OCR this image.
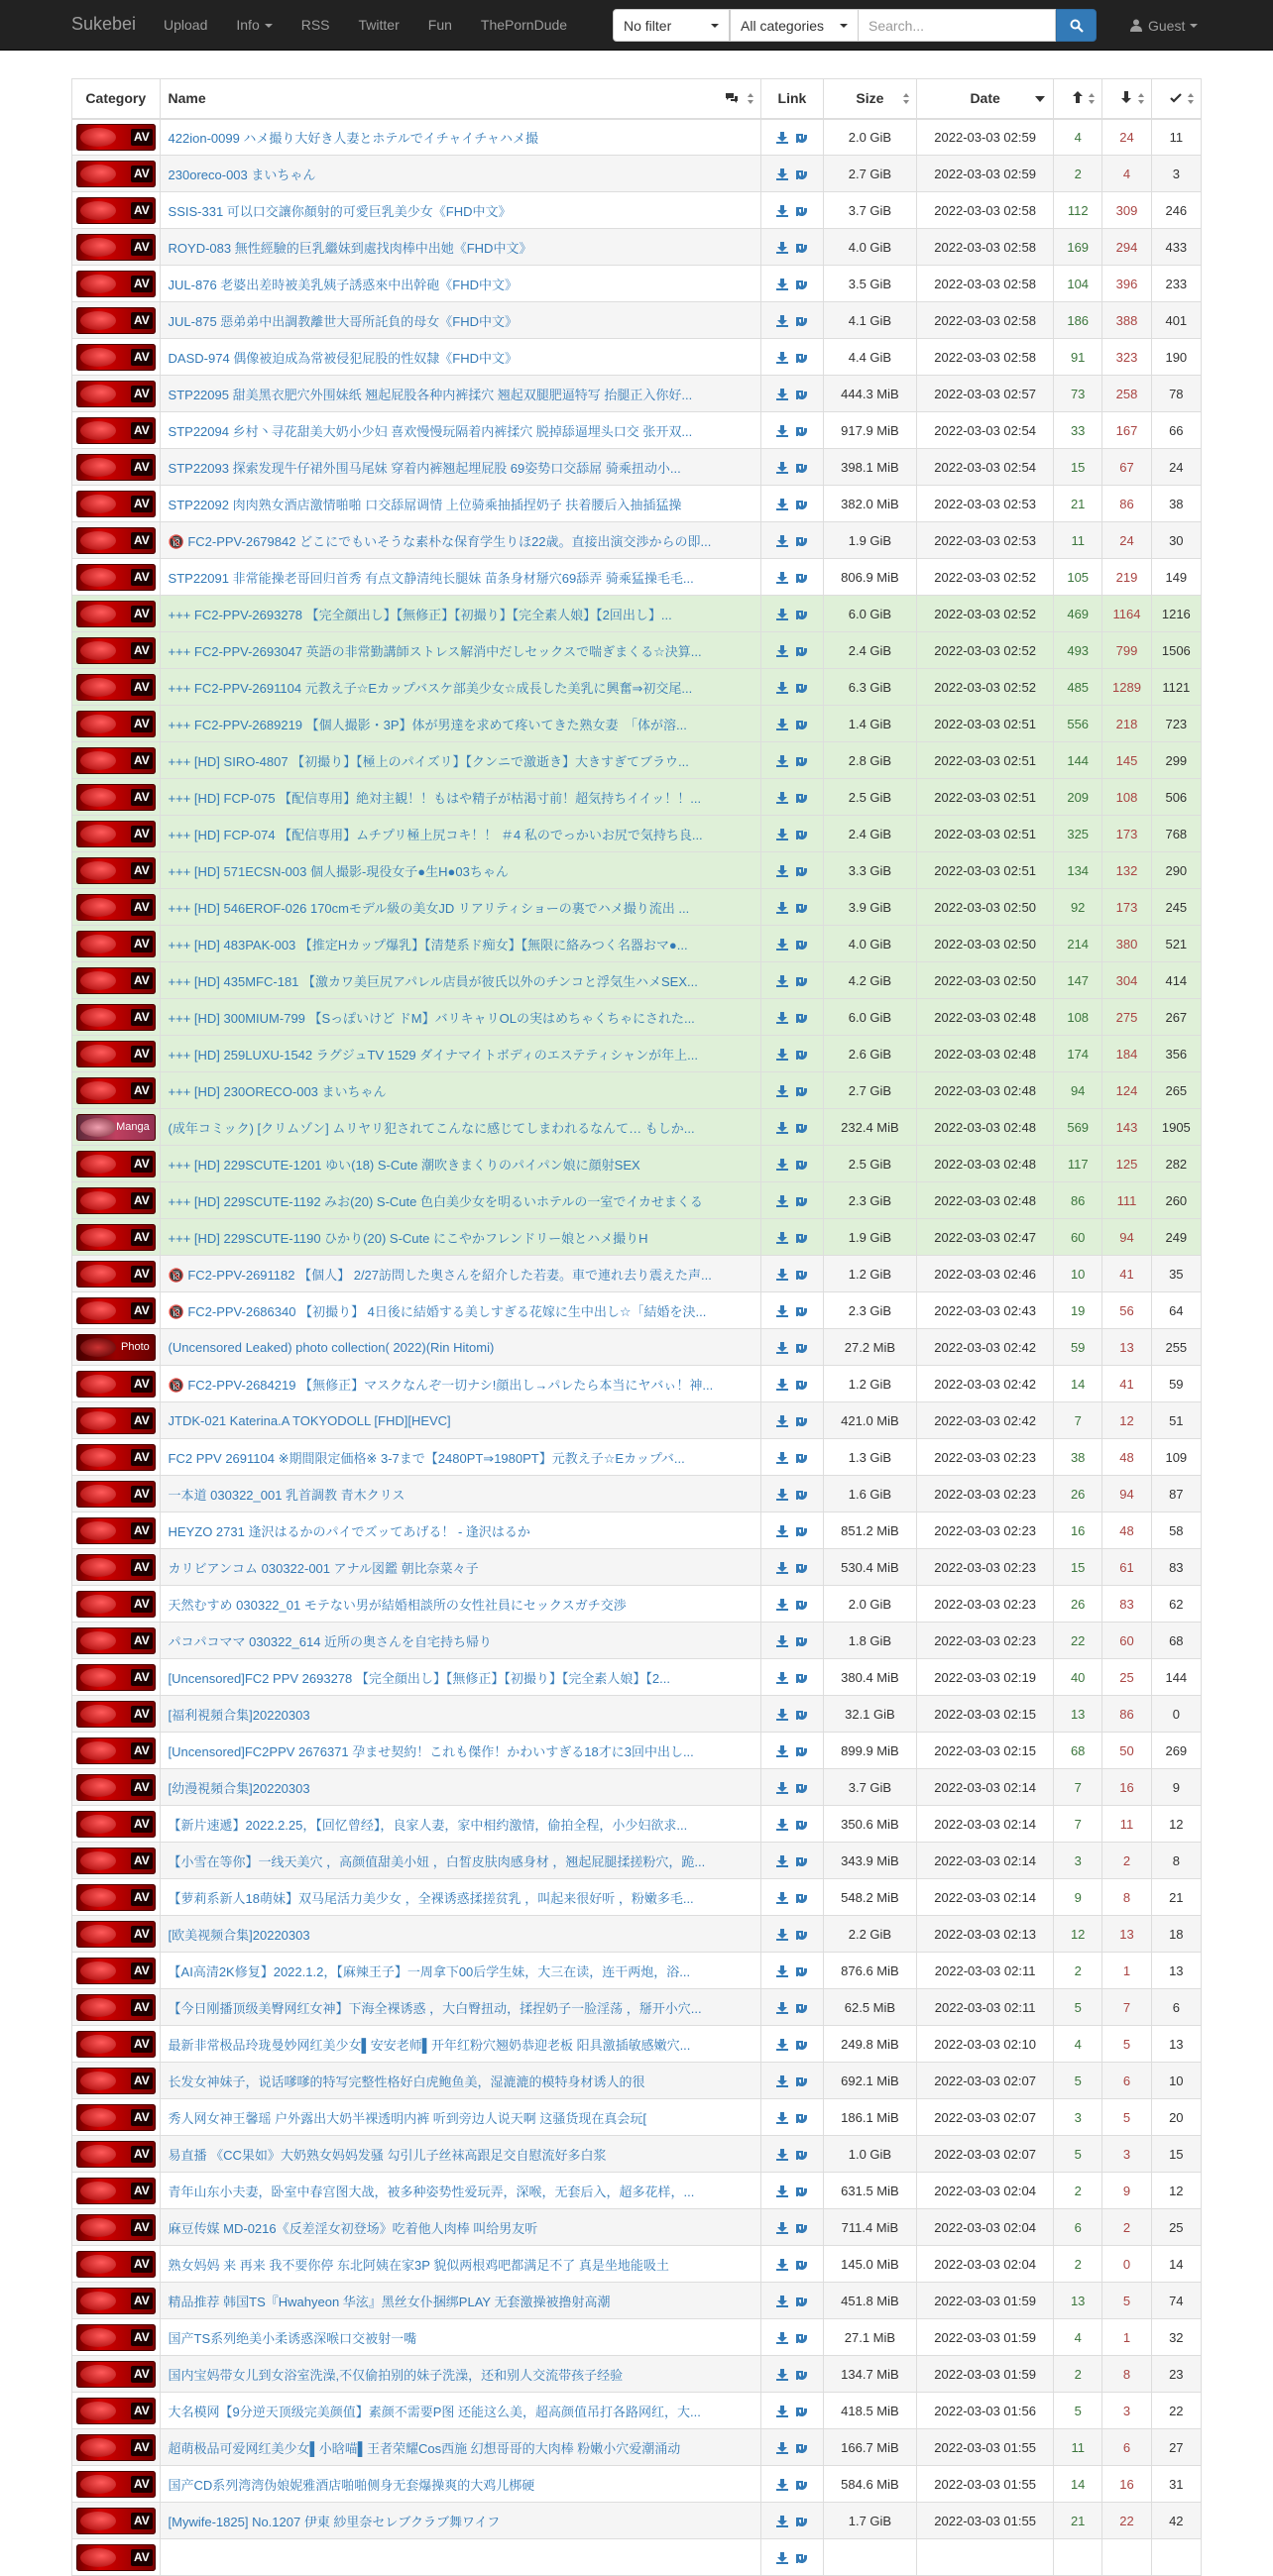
Sukebei	Upload	Info	RSS	Twitter	Fun	ThePornDude	No filter	All categories
Search...	Guest
Category	Name	Link	Size	Date

AV	422ion-0099 ハメ撮り大好き人妻とホテルでイチャイチャハメ撮		2.0 GiB	2022-03-03 02:59	4	24	11

AV	230oreco-003 まいちゃん		2.7 GiB	2022-03-03 02:59	2	4	3

AV	SSIS-331 可以口交讓你顏射的可愛巨乳美少女《FHD中文》		3.7 GiB	2022-03-03 02:58	112	309	246

AV	ROYD-083 無性經驗的巨乳繼妹到處找肉棒中出她《FHD中文》		4.0 GiB	2022-03-03 02:58	169	294	433

AV	JUL-876 老婆出差時被美乳姨子誘惑來中出幹砲《FHD中文》		3.5 GiB	2022-03-03 02:58	104	396	233

AV	JUL-875 惡弟弟中出調教離世大哥所託負的母女《FHD中文》		4.1 GiB	2022-03-03 02:58	186	388	401

AV	DASD-974 偶像被迫成為常被侵犯屁股的性奴隸《FHD中文》		4.4 GiB	2022-03-03 02:58	91	323	190

AV	STP22095 甜美黑衣肥穴外围妹纸 翘起屁股各种内裤揉穴 翘起双腿肥逼特写 抬腿正入你好...		444.3 MiB	2022-03-03 02:57	73	258	78

AV	STP22094 乡村丶寻花甜美大奶小少妇 喜欢慢慢玩隔着内裤揉穴 脱掉舔逼埋头口交 张开双...		917.9 MiB	2022-03-03 02:54	33	167	66

AV	STP22093 探索发现牛仔裙外围马尾妹 穿着内裤翘起埋屁股 69姿势口交舔屌 骑乘扭动小...		398.1 MiB	2022-03-03 02:54	15	67	24

AV	STP22092 肉肉熟女酒店激情啪啪 口交舔屌调情 上位骑乘抽插捏奶子 扶着腰后入抽插猛操		382.0 MiB	2022-03-03 02:53	21	86	38

AV	🔞 FC2-PPV-2679842 どこにでもいそうな素朴な保育学生りほ22歳。直接出演交渉からの即...		1.9 GiB	2022-03-03 02:53	11	24	30

AV	STP22091 非常能操老哥回归首秀 有点文静清纯长腿妹 苗条身材掰穴69舔弄 骑乘猛操毛毛...		806.9 MiB	2022-03-03 02:52	105	219	149

AV	+++ FC2-PPV-2693278 【完全顔出し】【無修正】【初撮り】【完全素人娘】【2回出し】...		6.0 GiB	2022-03-03 02:52	469	1164	1216

AV	+++ FC2-PPV-2693047 英語の非常勤講師ストレス解消中だしセックスで喘ぎまくる☆決算...		2.4 GiB	2022-03-03 02:52	493	799	1506

AV	+++ FC2-PPV-2691104 元教え子☆Eカップバスケ部美少女☆成長した美乳に興奮⇒初交尾...		6.3 GiB	2022-03-03 02:52	485	1289	1121

AV	+++ FC2-PPV-2689219 【個人撮影・3P】体が男達を求めて疼いてきた熟女妻　「体が溶...		1.4 GiB	2022-03-03 02:51	556	218	723

AV	+++ [HD] SIRO-4807 【初撮り】【極上のパイズリ】【クンニで激逝き】大きすぎてブラウ...		2.8 GiB	2022-03-03 02:51	144	145	299

AV	+++ [HD] FCP-075 【配信専用】絶対主観！！もはや精子が枯渇寸前！超気持ちイイッ！！...		2.5 GiB	2022-03-03 02:51	209	108	506

AV	+++ [HD] FCP-074 【配信専用】ムチプリ極上尻コキ！！ ＃4 私のでっかいお尻で気持ち良...		2.4 GiB	2022-03-03 02:51	325	173	768

AV	+++ [HD] 571ECSN-003 個人撮影-現役女子●生H●03ちゃん		3.3 GiB	2022-03-03 02:51	134	132	290

AV	+++ [HD] 546EROF-026 170cmモデル級の美女JD リアリティショーの裏でハメ撮り流出 ...		3.9 GiB	2022-03-03 02:50	92	173	245

AV	+++ [HD] 483PAK-003 【推定Hカップ爆乳】【清楚系ド痴女】【無限に絡みつく名器おマ●...		4.0 GiB	2022-03-03 02:50	214	380	521

AV	+++ [HD] 435MFC-181 【激カワ美巨尻アパレル店員が彼氏以外のチンコと浮気生ハメSEX...		4.2 GiB	2022-03-03 02:50	147	304	414

AV	+++ [HD] 300MIUM-799 【Sっぽいけど ドM】バリキャリOLの実はめちゃくちゃにされた...		6.0 GiB	2022-03-03 02:48	108	275	267

AV	+++ [HD] 259LUXU-1542 ラグジュTV 1529 ダイナマイトボディのエステティシャンが年上...		2.6 GiB	2022-03-03 02:48	174	184	356

AV	+++ [HD] 230ORECO-003 まいちゃん		2.7 GiB	2022-03-03 02:48	94	124	265

Manga	(成年コミック) [クリムゾン] ムリヤリ犯されてこんなに感じてしまわれるなんて… もしか...		232.4 MiB	2022-03-03 02:48	569	143	1905

AV	+++ [HD] 229SCUTE-1201 ゆい(18) S-Cute 潮吹きまくりのパイパン娘に顔射SEX		2.5 GiB	2022-03-03 02:48	117	125	282

AV	+++ [HD] 229SCUTE-1192 みお(20) S-Cute 色白美少女を明るいホテルの一室でイカせまくる		2.3 GiB	2022-03-03 02:48	86	111	260

AV	+++ [HD] 229SCUTE-1190 ひかり(20) S-Cute にこやかフレンドリー娘とハメ撮りH		1.9 GiB	2022-03-03 02:47	60	94	249

AV	🔞 FC2-PPV-2691182 【個人】 2/27訪問した奥さんを紹介した若妻。車で連れ去り震えた声...		1.2 GiB	2022-03-03 02:46	10	41	35

AV	🔞 FC2-PPV-2686340 【初撮り】 4日後に結婚する美しすぎる花嫁に生中出し☆「結婚を決...		2.3 GiB	2022-03-03 02:43	19	56	64

Photo	(Uncensored Leaked) photo collection( 2022)(Rin Hitomi)		27.2 MiB	2022-03-03 02:42	59	13	255

AV	🔞 FC2-PPV-2684219 【無修正】マスクなんぞ一切ナシ!顔出し→パレたら本当にヤバぃ！神...		1.2 GiB	2022-03-03 02:42	14	41	59

AV	JTDK-021 Katerina.A TOKYODOLL [FHD][HEVC]		421.0 MiB	2022-03-03 02:42	7	12	51

AV	FC2 PPV 2691104 ※期間限定価格※ 3-7まで【2480PT⇒1980PT】元教え子☆Eカップバ...		1.3 GiB	2022-03-03 02:23	38	48	109

AV	一本道 030322_001 乳首調教 青木クリス		1.6 GiB	2022-03-03 02:23	26	94	87

AV	HEYZO 2731 逢沢はるかのパイでズッてあげる！ - 逢沢はるか		851.2 MiB	2022-03-03 02:23	16	48	58

AV	カリビアンコム 030322-001 アナル図鑑 朝比奈菜々子		530.4 MiB	2022-03-03 02:23	15	61	83

AV	天然むすめ 030322_01 モテない男が結婚相談所の女性社員にセックスガチ交渉		2.0 GiB	2022-03-03 02:23	26	83	62

AV	パコパコママ 030322_614 近所の奥さんを自宅持ち帰り		1.8 GiB	2022-03-03 02:23	22	60	68

AV	[Uncensored]FC2 PPV 2693278 【完全顔出し】【無修正】【初撮り】【完全素人娘】【2...		380.4 MiB	2022-03-03 02:19	40	25	144

AV	[福利視頻合集]20220303		32.1 GiB	2022-03-03 02:15	13	86	0

AV	[Uncensored]FC2PPV 2676371 孕ませ契約！これも傑作！かわいすぎる18才に3回中出し...		899.9 MiB	2022-03-03 02:15	68	50	269

AV	[幼漫視頻合集]20220303		3.7 GiB	2022-03-03 02:14	7	16	9

AV	【新片速遞】2022.2.25，【回忆曾经】，良家人妻，家中相约激情，偷拍全程，小少妇欲求...		350.6 MiB	2022-03-03 02:14	7	11	12

AV	【小雪在等你】一线天美穴 ，高颜值甜美小妞 ，白皙皮肤肉感身材 ，翘起屁腿揉搓粉穴，跪...		343.9 MiB	2022-03-03 02:14	3	2	8

AV	【萝莉系新人18萌妹】双马尾活力美少女 ，全裸诱惑揉搓贫乳 ，叫起来很好听 ，粉嫩多毛...		548.2 MiB	2022-03-03 02:14	9	8	21

AV	[欧美视频合集]20220303		2.2 GiB	2022-03-03 02:13	12	13	18

AV	【AI高清2K修复】2022.1.2，【麻辣王子】一周拿下00后学生妹，大三在读，连干两炮，浴...		876.6 MiB	2022-03-03 02:11	2	1	13

AV	【今日刚播顶级美臀网红女神】下海全裸诱惑 ，大白臀扭动，揉捏奶子一脸淫荡 ，掰开小穴...		62.5 MiB	2022-03-03 02:11	5	7	6

AV	最新非常极品玲珑曼妙网红美少女▌安安老师▌开年红粉穴翘奶恭迎老板 阳具激插敏感嫩穴...		249.8 MiB	2022-03-03 02:10	4	5	13

AV	长发女神妹子，说话嗲嗲的特写完整性格好白虎鲍鱼美，湿漉漉的模特身材诱人的很		692.1 MiB	2022-03-03 02:07	5	6	10

AV	秀人网女神王馨瑶 户外露出大奶半裸透明内裤 听到旁边人说天啊 这骚货现在真会玩[		186.1 MiB	2022-03-03 02:07	3	5	20

AV	易直播 《CC果如》大奶熟女妈妈发骚 勾引儿子丝袜高跟足交自慰流好多白浆		1.0 GiB	2022-03-03 02:07	5	3	15

AV	青年山东小夫妻，卧室中春宫图大战，被多种姿势性爱玩弄，深喉，无套后入，超多花样，...		631.5 MiB	2022-03-03 02:04	2	9	12

AV	麻豆传媒 MD-0216《反差淫女初登场》吃着他人肉棒 叫给男友听		711.4 MiB	2022-03-03 02:04	6	2	25

AV	熟女妈妈 来 再来 我不要你停 东北阿姨在家3P 貌似两根鸡吧都满足不了 真是坐地能吸土		145.0 MiB	2022-03-03 02:04	2	0	14

AV	精品推荐 韩国TS『Hwahyeon 华泫』黑丝女仆捆绑PLAY 无套激操被撸射高潮		451.8 MiB	2022-03-03 01:59	13	5	74

AV	国产TS系列绝美小柔诱惑深喉口交被射一嘴		27.1 MiB	2022-03-03 01:59	4	1	32

AV	国内宝妈带女儿到女浴室洗澡,不仅偷拍别的妹子洗澡，还和别人交流带孩子经验		134.7 MiB	2022-03-03 01:59	2	8	23

AV	大名模网【9分逆天顶级完美颜值】素颜不需要P图 还能这么美，超高颜值吊打各路网红，大...		418.5 MiB	2022-03-03 01:56	5	3	22

AV	超萌极品可爱网红美少女▌小晗喵▌王者荣耀Cos西施 幻想哥哥的大肉棒 粉嫩小穴爱潮涌动		166.7 MiB	2022-03-03 01:55	11	6	27

AV	国产CD系列湾湾伪娘妮雅酒店啪啪侧身无套爆操爽的大鸡儿梆硬		584.6 MiB	2022-03-03 01:55	14	16	31

AV	[Mywife-1825] No.1207 伊東 紗里奈セレブクラブ舞ワイフ		1.7 GiB	2022-03-03 01:55	21	22	42

AV							
